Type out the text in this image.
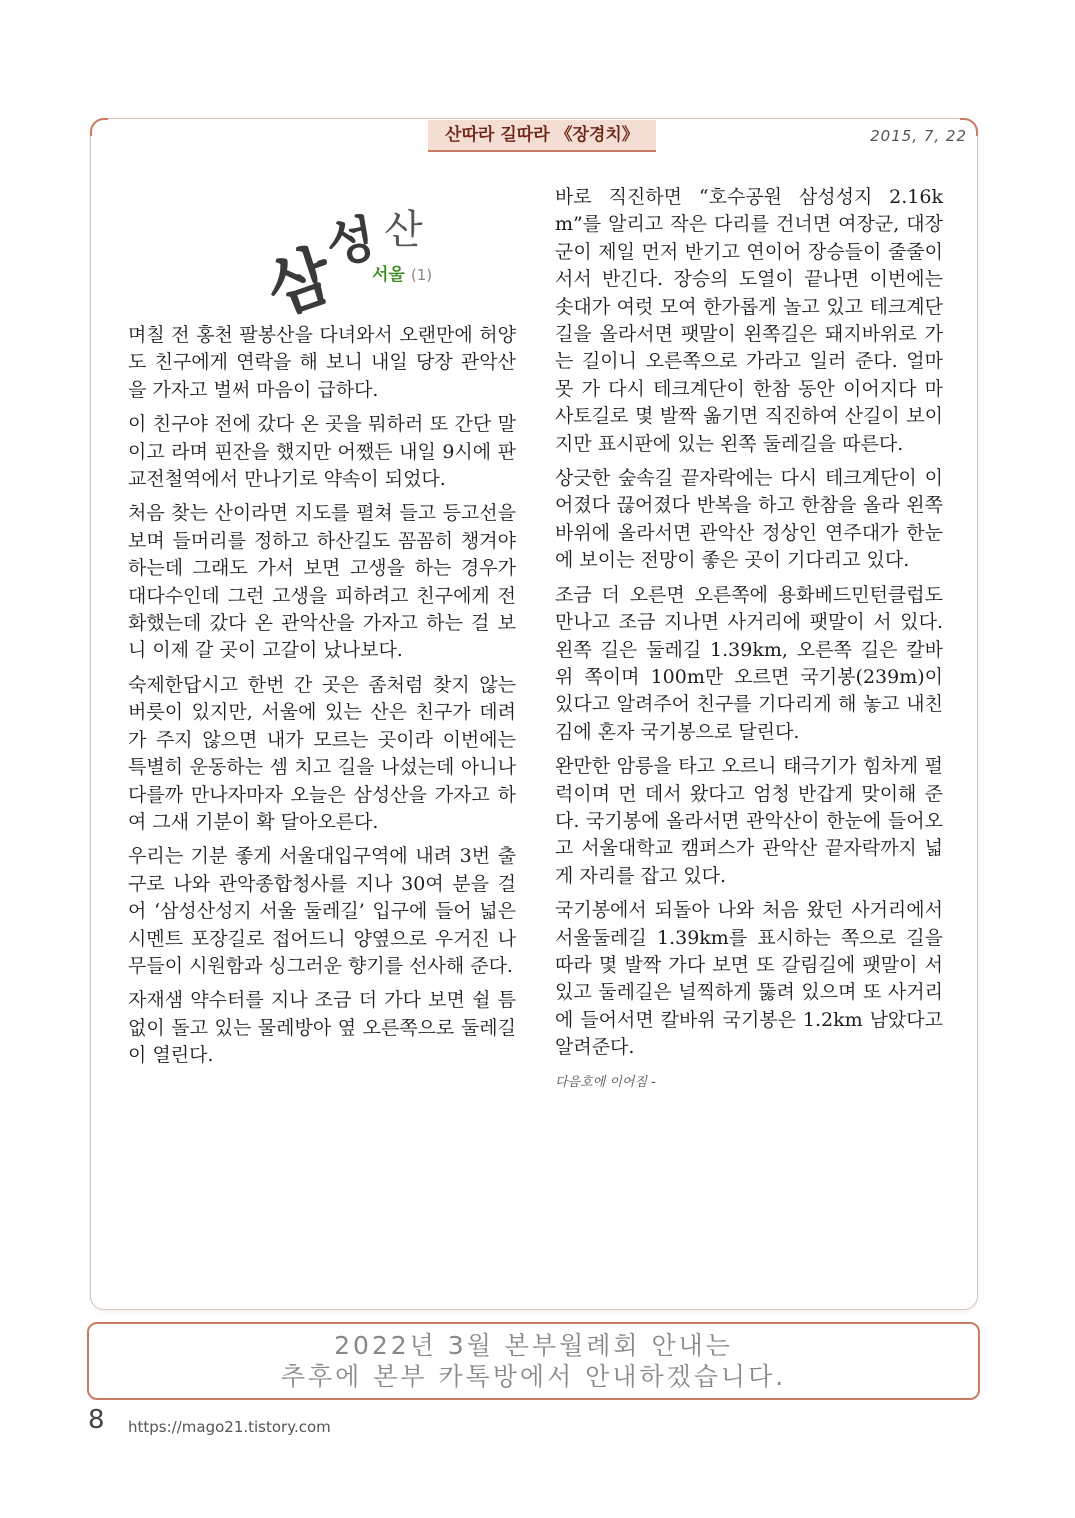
산따라 길따라 《장경치》	2015, 7, 22
삼
성 산
서울 (1)

며칠 전 홍천 팔봉산을 다녀와서 오랜만에 허양도 친구에게 연락을 해 보니 내일 당장 관악산을 가자고 벌써 마음이 급하다.

이 친구야 전에 갔다 온 곳을 뭐하러 또 간단 말이고 라며 핀잔을 했지만 어쨌든 내일 9시에 판교전철역에서 만나기로 약속이 되었다.

처음 찾는 산이라면 지도를 펼쳐 들고 등고선을 보며 들머리를 정하고 하산길도 꼼꼼히 챙겨야 하는데 그래도 가서 보면 고생을 하는 경우가 대다수인데 그런 고생을 피하려고 친구에게 전화했는데 갔다 온 관악산을 가자고 하는 걸 보니 이제 갈 곳이 고갈이 났나보다.

숙제한답시고 한번 간 곳은 좀처럼 찾지 않는 버릇이 있지만, 서울에 있는 산은 친구가 데려가 주지 않으면 내가 모르는 곳이라 이번에는 특별히 운동하는 셈 치고 길을 나섰는데 아니나 다를까 만나자마자 오늘은 삼성산을 가자고 하여 그새 기분이 확 달아오른다.

우리는 기분 좋게 서울대입구역에 내려 3번 출구로 나와 관악종합청사를 지나 30여 분을 걸어 ‘삼성산성지 서울 둘레길’ 입구에 들어 넓은 시멘트 포장길로 접어드니 양옆으로 우거진 나무들이 시원함과 싱그러운 향기를 선사해 준다.

자재샘 약수터를 지나 조금 더 가다 보면 쉴 틈 없이 돌고 있는 물레방아 옆 오른쪽으로 둘레길이 열린다.

바로 직진하면 “호수공원 삼성성지 2.16km”를 알리고 작은 다리를 건너면 여장군, 대장군이 제일 먼저 반기고 연이어 장승들이 줄줄이 서서 반긴다. 장승의 도열이 끝나면 이번에는 솟대가 여럿 모여 한가롭게 놀고 있고 테크계단길을 올라서면 팻말이 왼쪽길은 돼지바위로 가는 길이니 오른쪽으로 가라고 일러 준다. 얼마 못 가 다시 테크계단이 한참 동안 이어지다 마사토길로 몇 발짝 옮기면 직진하여 산길이 보이지만 표시판에 있는 왼쪽 둘레길을 따른다.

상긋한 숲속길 끝자락에는 다시 테크계단이 이어졌다 끊어졌다 반복을 하고 한참을 올라 왼쪽 바위에 올라서면 관악산 정상인 연주대가 한눈에 보이는 전망이 좋은 곳이 기다리고 있다.

조금 더 오른면 오른쪽에 용화베드민턴클럽도 만나고 조금 지나면 사거리에 팻말이 서 있다. 왼쪽 길은 둘레길 1.39km, 오른쪽 길은 칼바위 쪽이며 100m만 오르면 국기봉(239m)이 있다고 알려주어 친구를 기다리게 해 놓고 내친김에 혼자 국기봉으로 달린다.

완만한 암릉을 타고 오르니 태극기가 힘차게 펄럭이며 먼 데서 왔다고 엄청 반갑게 맞이해 준다. 국기봉에 올라서면 관악산이 한눈에 들어오고 서울대학교 캠퍼스가 관악산 끝자락까지 넓게 자리를 잡고 있다.

국기봉에서 되돌아 나와 처음 왔던 사거리에서 서울둘레길 1.39km를 표시하는 쪽으로 길을 따라 몇 발짝 가다 보면 또 갈림길에 팻말이 서 있고 둘레길은 널찍하게 뚫려 있으며 또 사거리에 들어서면 칼바위 국기봉은 1.2km 남았다고 알려준다.

다음호에 이어짐 -
2022년 3월 본부월례회 안내는
추후에 본부 카톡방에서 안내하겠습니다.
8 https://mago21.tistory.com
